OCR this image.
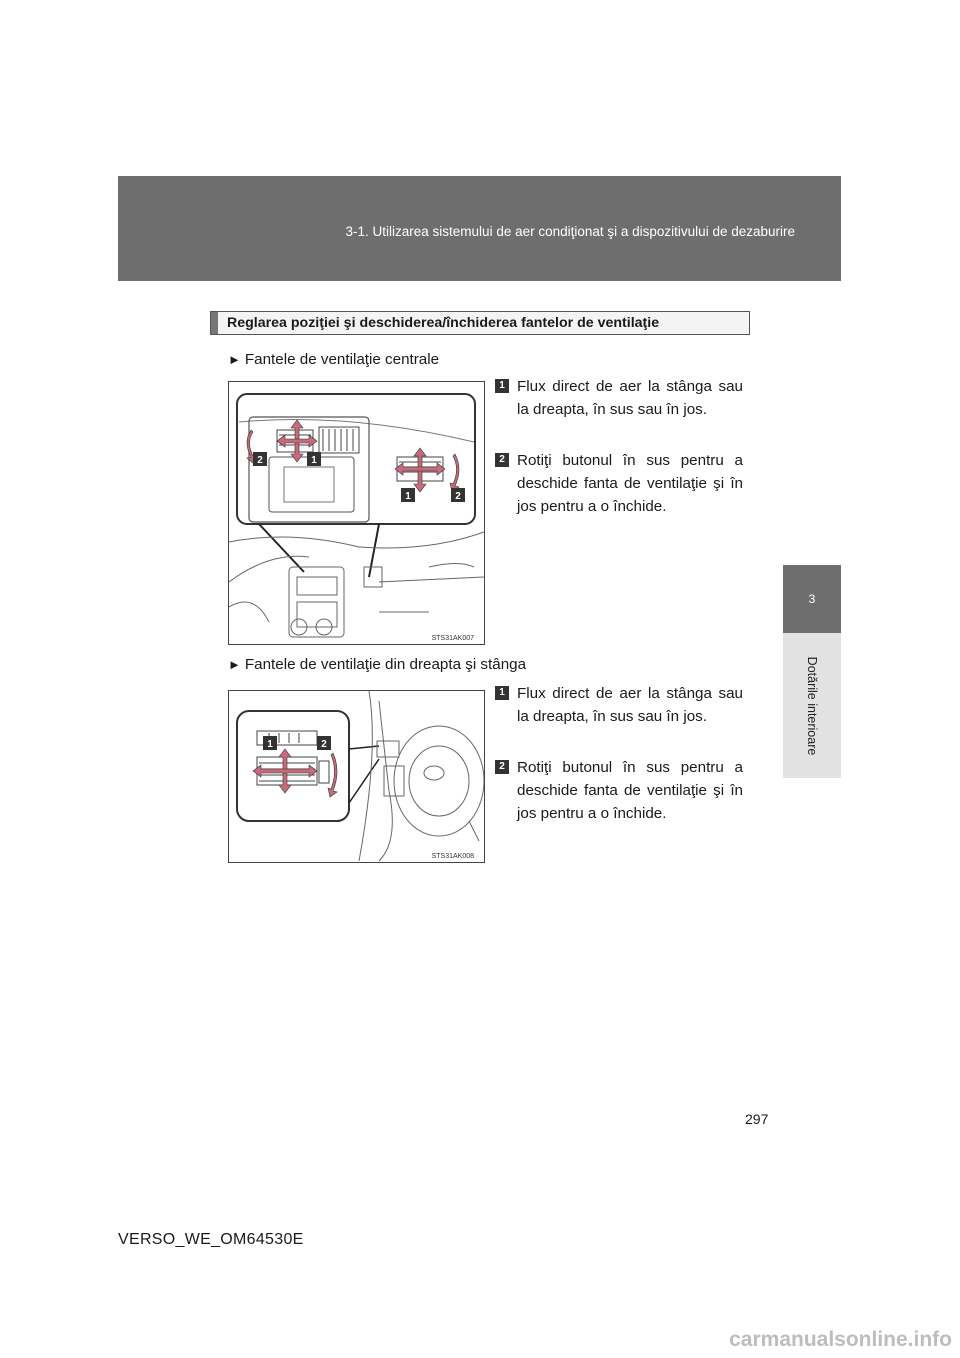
3-1. Utilizarea sistemului de aer condiţionat şi a dispozitivului de dezaburire
3
Dotările interioare
Reglarea poziţiei şi deschiderea/închiderea fantelor de ventilaţie
► Fantele de ventilaţie centrale
2	1
1	2
STS31AK007
1 Flux direct de aer la stânga sau la dreapta, în sus sau în jos.
2 Rotiţi butonul în sus pentru a deschide fanta de ventilaţie şi în jos pentru a o închide.
► Fantele de ventilaţie din dreapta şi stânga
1	2
STS31AK008
1 Flux direct de aer la stânga sau la dreapta, în sus sau în jos.
2 Rotiţi butonul în sus pentru a deschide fanta de ventilaţie şi în jos pentru a o închide.
297
VERSO_WE_OM64530E
carmanualsonline.info
